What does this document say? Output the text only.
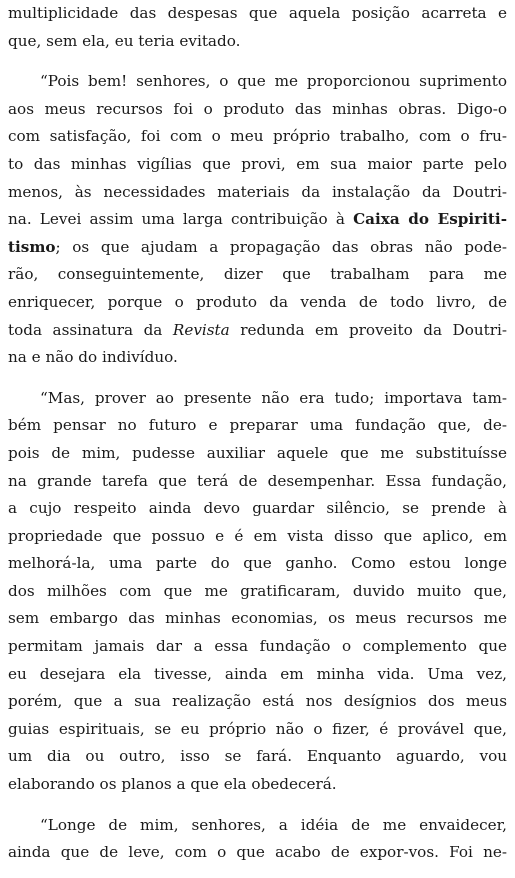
multiplicidade das despesas que aquela posição acarreta e
que, sem ela, eu teria evitado.
“Pois bem! senhores, o que me proporcionou suprimento
aos meus recursos foi o produto das minhas obras. Digo-o
com satisfação, foi com o meu próprio trabalho, com o fru-
to das minhas vigílias que provi, em sua maior parte pelo
menos, às necessidades materiais da instalação da Doutri-
na. Levei assim uma larga contribuição à Caixa do Espiriti-
tismo; os que ajudam a propagação das obras não pode-
rão, conseguintemente, dizer que trabalham para me
enriquecer, porque o produto da venda de todo livro, de
toda assinatura da Revista redunda em proveito da Doutri-
na e não do indivíduo.
“Mas, prover ao presente não era tudo; importava tam-
bém pensar no futuro e preparar uma fundação que, de-
pois de mim, pudesse auxiliar aquele que me substituísse
na grande tarefa que terá de desempenhar. Essa fundação,
a cujo respeito ainda devo guardar silêncio, se prende à
propriedade que possuo e é em vista disso que aplico, em
melhorá-la, uma parte do que ganho. Como estou longe
dos milhões com que me gratificaram, duvido muito que,
sem embargo das minhas economias, os meus recursos me
permitam jamais dar a essa fundação o complemento que
eu desejara ela tivesse, ainda em minha vida. Uma vez,
porém, que a sua realização está nos desígnios dos meus
guias espirituais, se eu próprio não o fizer, é provável que,
um dia ou outro, isso se fará. Enquanto aguardo, vou
elaborando os planos a que ela obedecerá.
“Longe de mim, senhores, a idéia de me envaidecer,
ainda que de leve, com o que acabo de expor-vos. Foi ne-
